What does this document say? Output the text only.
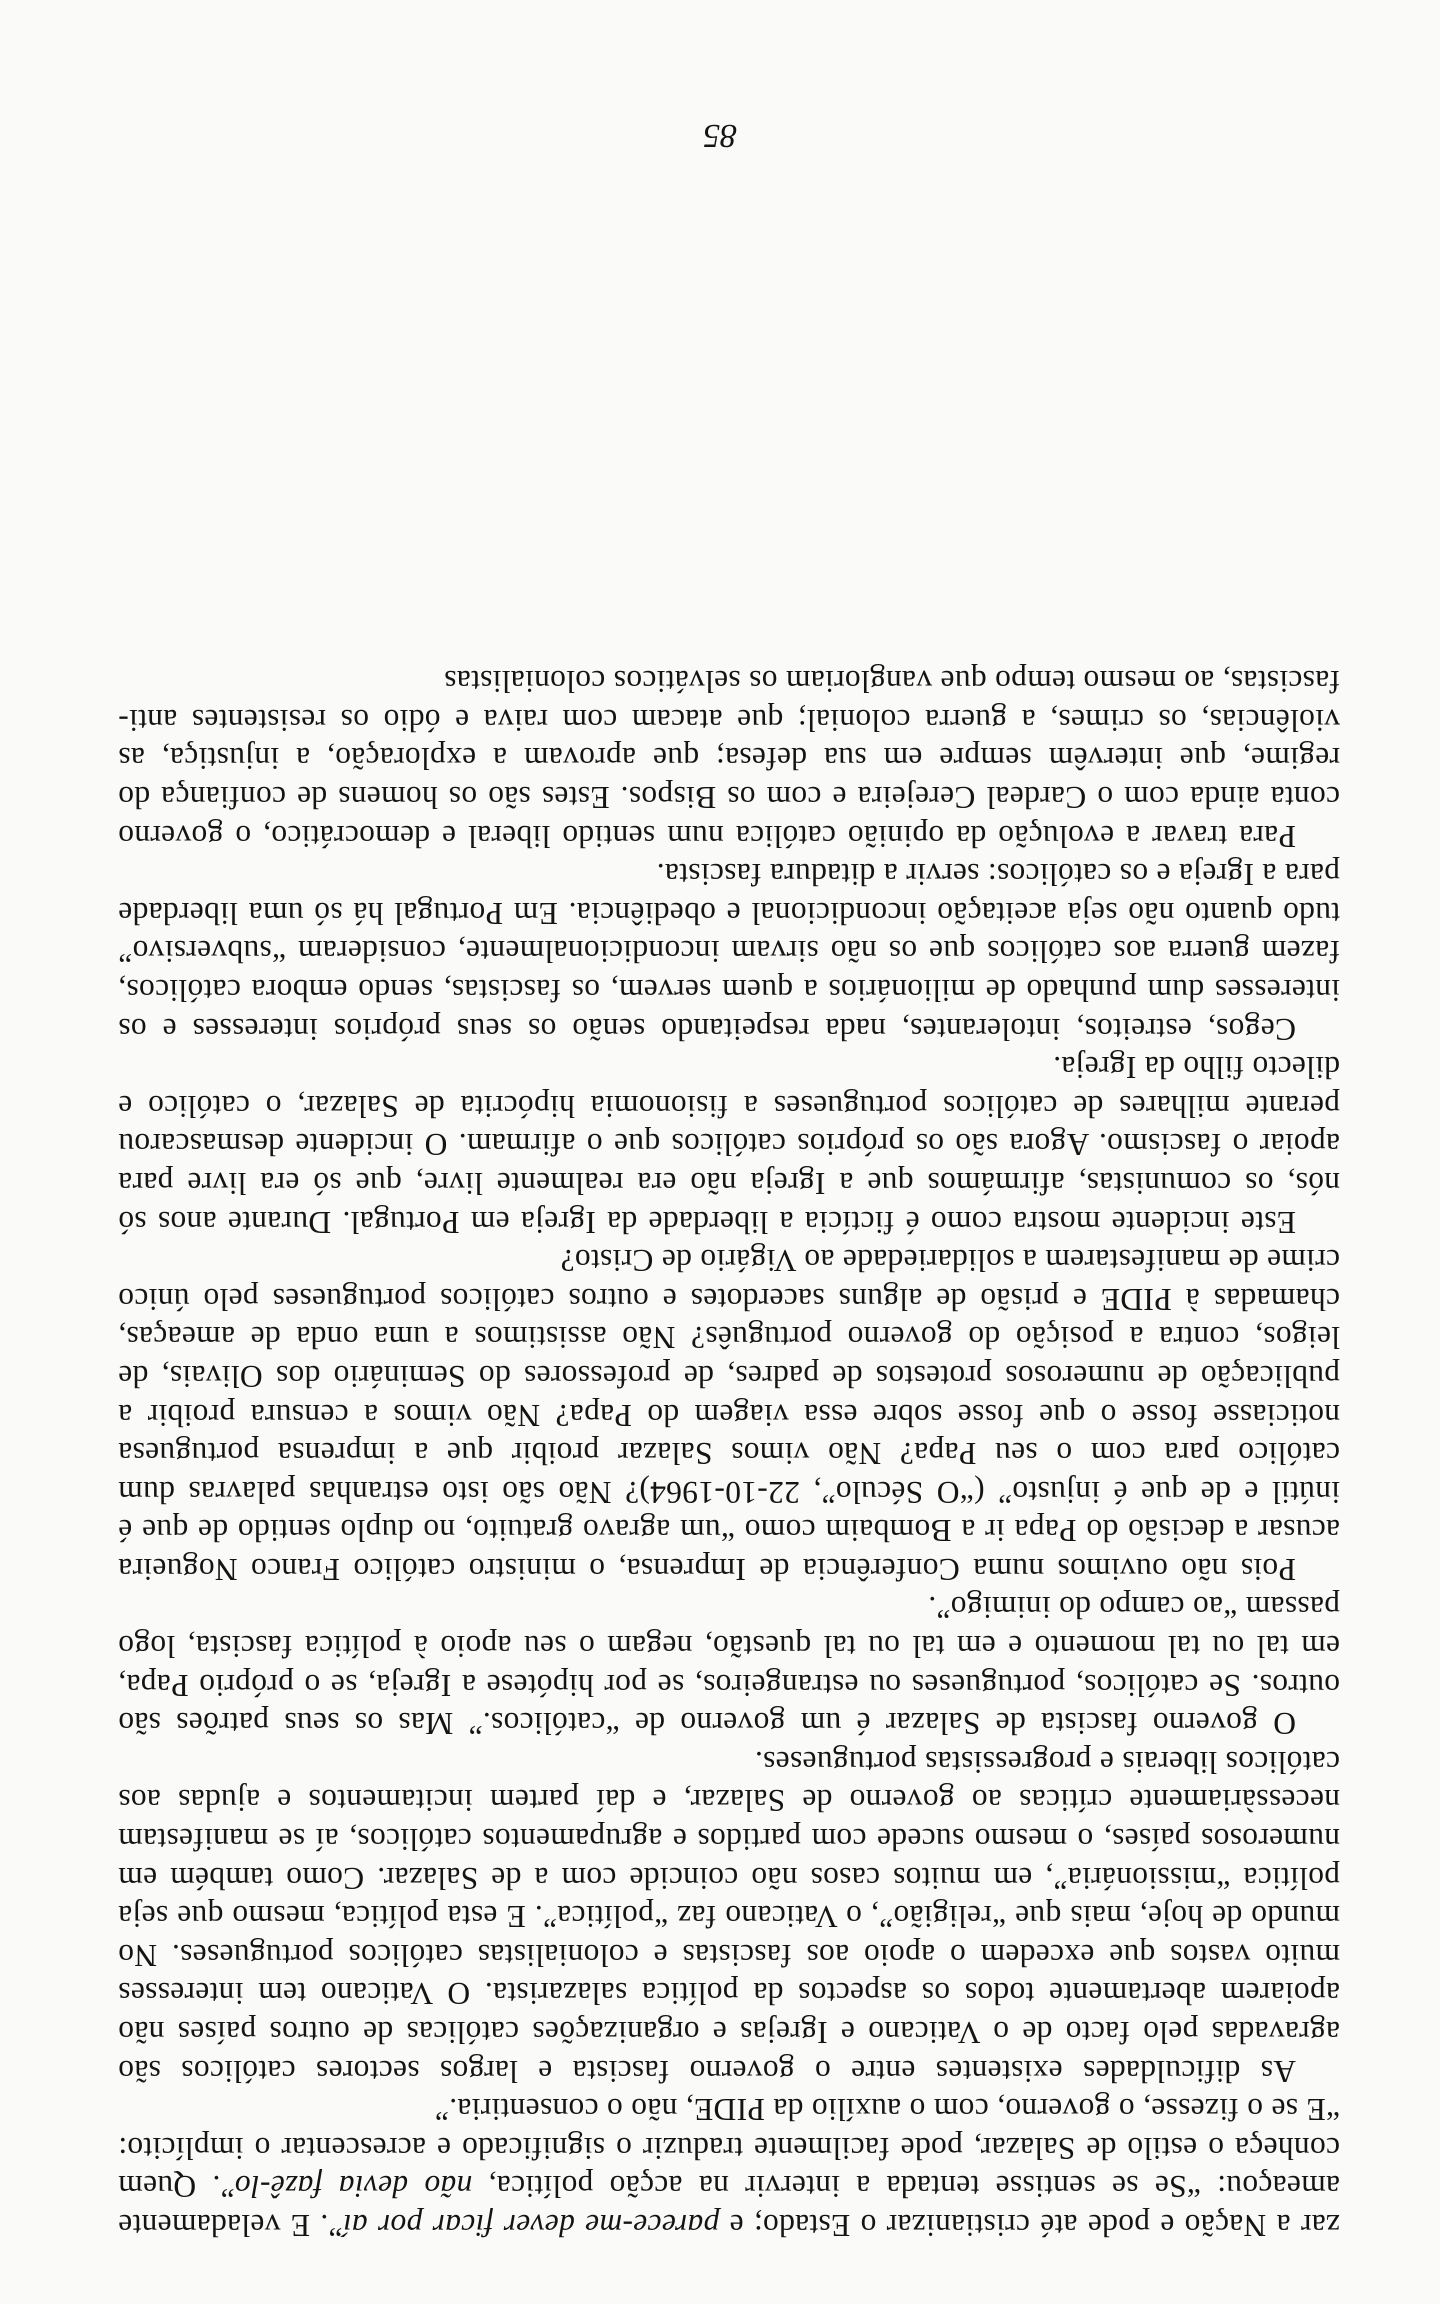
zar a Nação e pode até cristianizar o Estado; e parece-me dever ficar por aí”. E veladamente ameaçou: “Se se sentisse tentada a intervir na acção política, não devia fazê-lo”. Quem conheça o estilo de Salazar, pode facilmente traduzir o significado e acrescentar o implícito: “E se o fizesse, o governo, com o auxílio da PIDE, não o consentiria.”

As dificuldades existentes entre o governo fascista e largos sectores católicos são agravadas pelo facto de o Vaticano e Igrejas e organizações católicas de outros países não apoiarem abertamente todos os aspectos da política salazarista. O Vaticano tem interesses muito vastos que excedem o apoio aos fascistas e colonialistas católicos portugueses. No mundo de hoje, mais que “religião”, o Vaticano faz “política”. E esta política, mesmo que seja política “missionária”, em muitos casos não coincide com a de Salazar. Como também em numerosos países, o mesmo sucede com partidos e agrupamentos católicos, aí se manifestam necessàriamente críticas ao governo de Salazar, e daí partem incitamentos e ajudas aos católicos liberais e progressistas portugueses.

O governo fascista de Salazar é um governo de “católicos.” Mas os seus patrões são outros. Se católicos, portugueses ou estrangeiros, se por hipótese a Igreja, se o próprio Papa, em tal ou tal momento e em tal ou tal questão, negam o seu apoio à política fascista, logo passam “ao campo do inimigo”.

Pois não ouvimos numa Conferência de Imprensa, o ministro católico Franco Nogueira acusar a decisão do Papa ir a Bombaim como “um agravo gratuito, no duplo sentido de que é inútil e de que é injusto” (“O Século”, 22-10-1964)? Não são isto estranhas palavras dum católico para com o seu Papa? Não vimos Salazar proibir que a imprensa portuguesa noticiasse fosse o que fosse sobre essa viagem do Papa? Não vimos a censura proibir a publicação de numerosos protestos de padres, de professores do Seminário dos Olivais, de leigos, contra a posição do governo português? Não assistimos a uma onda de ameaças, chamadas à PIDE e prisão de alguns sacerdotes e outros católicos portugueses pelo único crime de manifestarem a solidariedade ao Vigário de Cristo?

Este incidente mostra como é fictícia a liberdade da Igreja em Portugal. Durante anos só nós, os comunistas, afirmámos que a Igreja não era realmente livre, que só era livre para apoiar o fascismo. Agora são os próprios católicos que o afirmam. O incidente desmascarou perante milhares de católicos portugueses a fisionomia hipócrita de Salazar, o católico e dilecto filho da Igreja.

Cegos, estreitos, intolerantes, nada respeitando senão os seus próprios interesses e os interesses dum punhado de milionários a quem servem, os fascistas, sendo embora católicos, fazem guerra aos católicos que os não sirvam incondicionalmente, consideram “subversivo” tudo quanto não seja aceitação incondicional e obediência. Em Portugal há só uma liberdade para a Igreja e os católicos: servir a ditadura fascista.

Para travar a evolução da opinião católica num sentido liberal e democrático, o governo conta ainda com o Cardeal Cerejeira e com os Bispos. Estes são os homens de confiança do regime, que intervêm sempre em sua defesa; que aprovam a exploração, a injustiça, as violências, os crimes, a guerra colonial; que atacam com raiva e ódio os resistentes anti-fascistas, ao mesmo tempo que vangloriam os selváticos colonialistas

85
